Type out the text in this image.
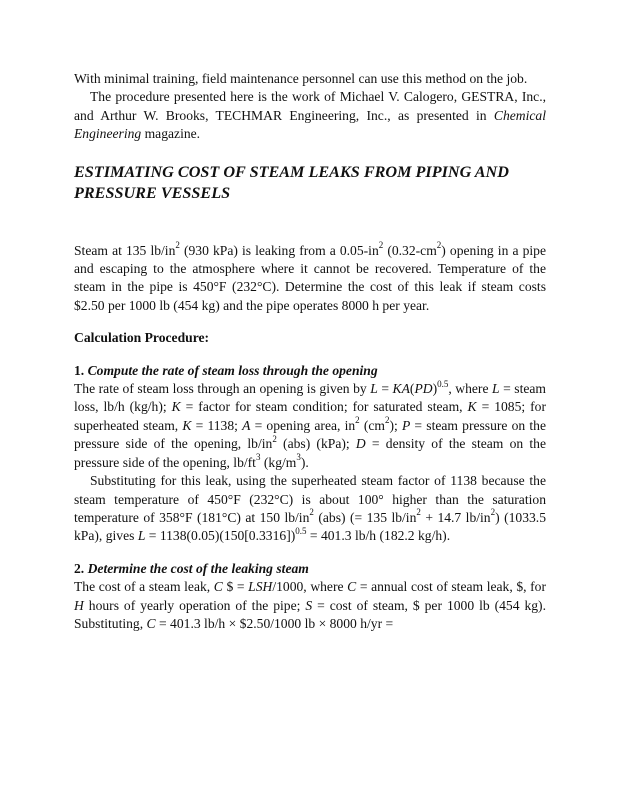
With minimal training, field maintenance personnel can use this method on the job.

The procedure presented here is the work of Michael V. Calogero, GESTRA, Inc., and Arthur W. Brooks, TECHMAR Engineering, Inc., as presented in Chemical Engineering magazine.

ESTIMATING COST OF STEAM LEAKS FROM PIPING AND PRESSURE VESSELS

Steam at 135 $lb/in^2$ (930 kPa) is leaking from a $0.05-in^2$ $(0.32-cm^2)$ opening in a pipe and escaping to the atmosphere where it cannot be recovered. Temperature of the steam in the pipe is 450°F (232°C). Determine the cost of this leak if steam costs $2.50 per 1000 lb (454 kg) and the pipe operates 8000 h per year.

Calculation Procedure:

1. Compute the rate of steam loss through the opening

The rate of steam loss through an opening is given by L = KA(PD)$^{0.5}$, where L = steam loss, lb/h (kg/h); K = factor for steam condition; for saturated steam, K = 1085; for superheated steam, K = 1138; A = opening area, $in^2$ $(cm^2)$; P = steam pressure on the pressure side of the opening, $lb/in^2$ (abs) (kPa); D = density of the steam on the pressure side of the opening, $lb/ft^3$ $(kg/m^3)$.

Substituting for this leak, using the superheated steam factor of 1138 because the steam temperature of 450°F (232°C) is about 100° higher than the saturation temperature of 358°F (181°C) at 150 $lb/in^2$ (abs) (= 135 $lb/in^2 + 14.7$ $lb/in^2$) (1033.5 kPa), gives $L = 1138(0.05)(150[0.3316])^{0.5} = 401.3$ lb/h (182.2 kg/h).

2. Determine the cost of the leaking steam

The cost of a steam leak, C $ = LSH/1000, where C = annual cost of steam leak, $, for H hours of yearly operation of the pipe; S = cost of steam, $ per 1000 lb (454 kg). Substituting, C = 401.3 lb/h × $2.50/1000 lb × 8000 h/yr =
